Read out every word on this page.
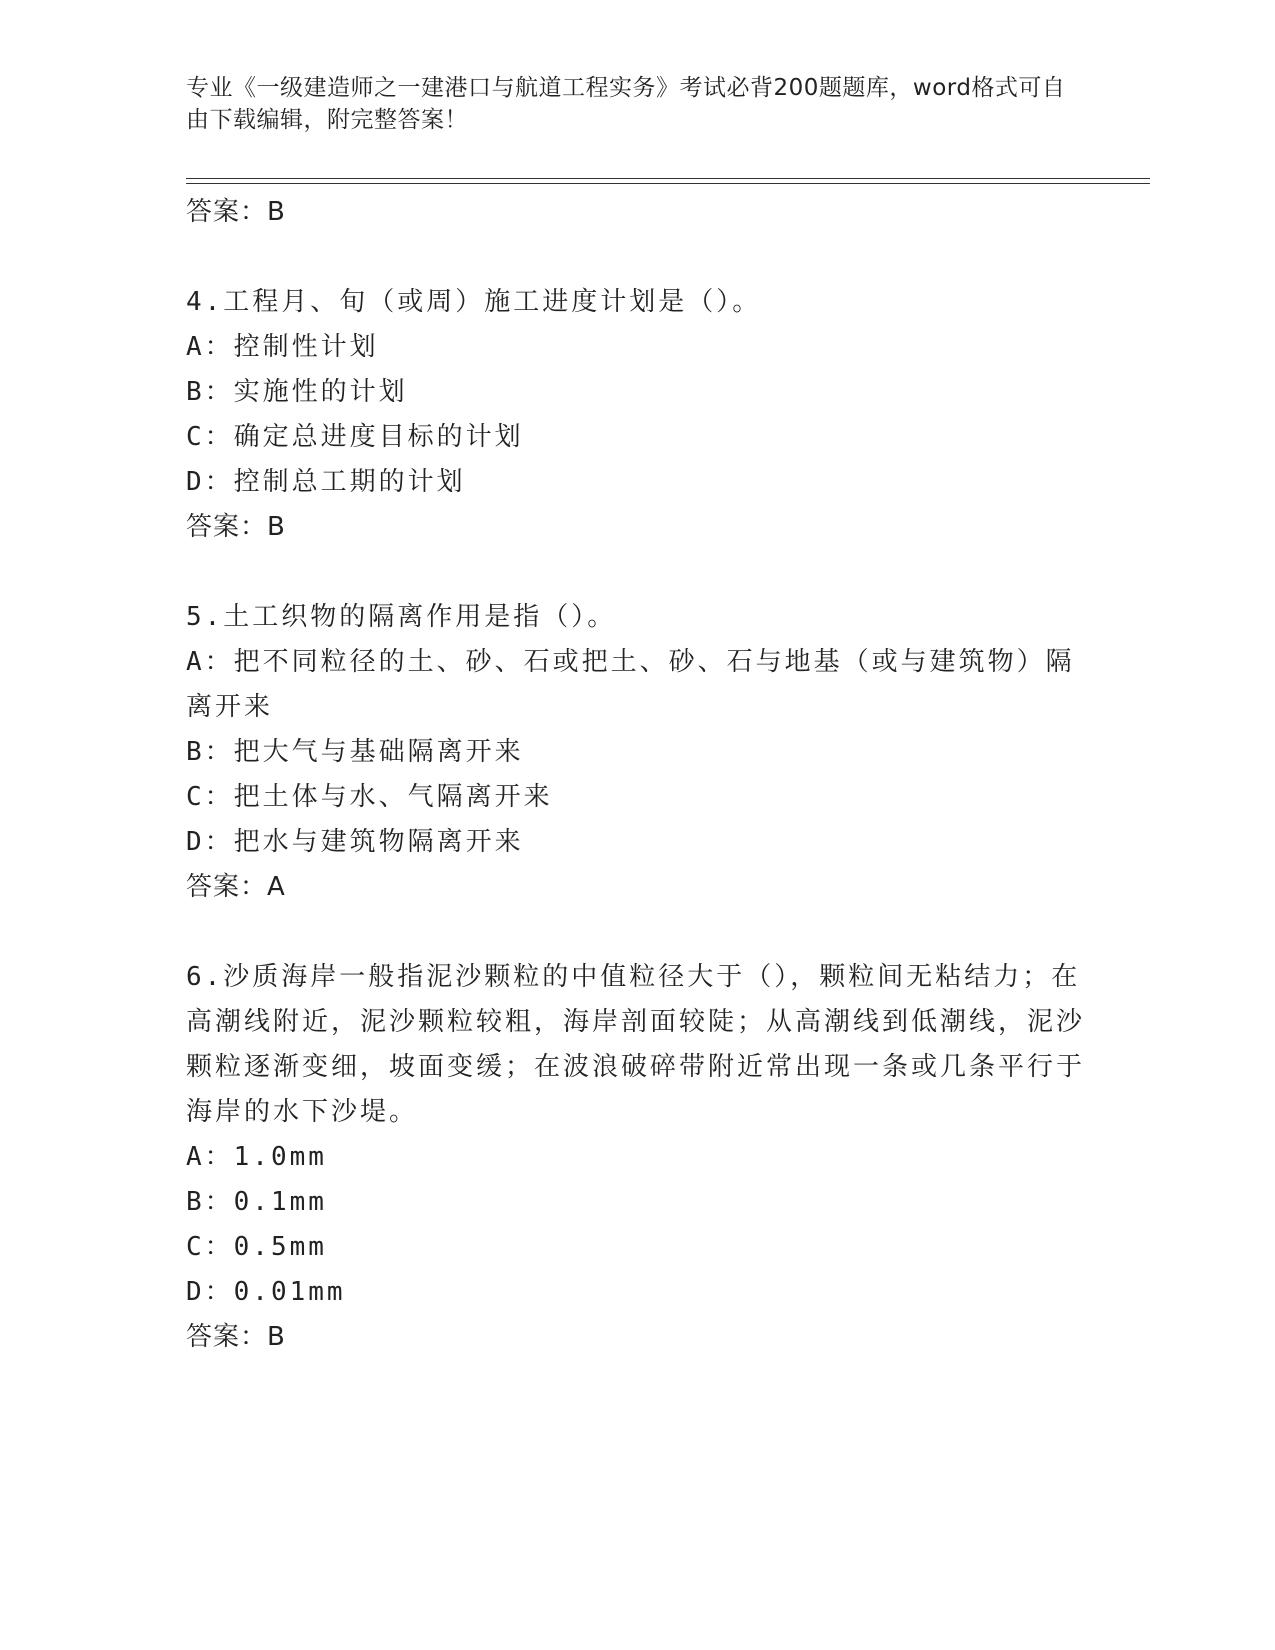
专业《一级建造师之一建港口与航道工程实务》考试必背200题题库，word格式可自由下载编辑，附完整答案！
答案：B
4.工程月、旬（或周）施工进度计划是（）。
A：控制性计划
B：实施性的计划
C：确定总进度目标的计划
D：控制总工期的计划
答案：B
5.土工织物的隔离作用是指（）。
A：把不同粒径的土、砂、石或把土、砂、石与地基（或与建筑物）隔离开来
B：把大气与基础隔离开来
C：把土体与水、气隔离开来
D：把水与建筑物隔离开来
答案：A
6.沙质海岸一般指泥沙颗粒的中值粒径大于（），颗粒间无粘结力；在高潮线附近，泥沙颗粒较粗，海岸剖面较陡；从高潮线到低潮线，泥沙颗粒逐渐变细，坡面变缓；在波浪破碎带附近常出现一条或几条平行于海岸的水下沙堤。
A：1.0mm
B：0.1mm
C：0.5mm
D：0.01mm
答案：B
